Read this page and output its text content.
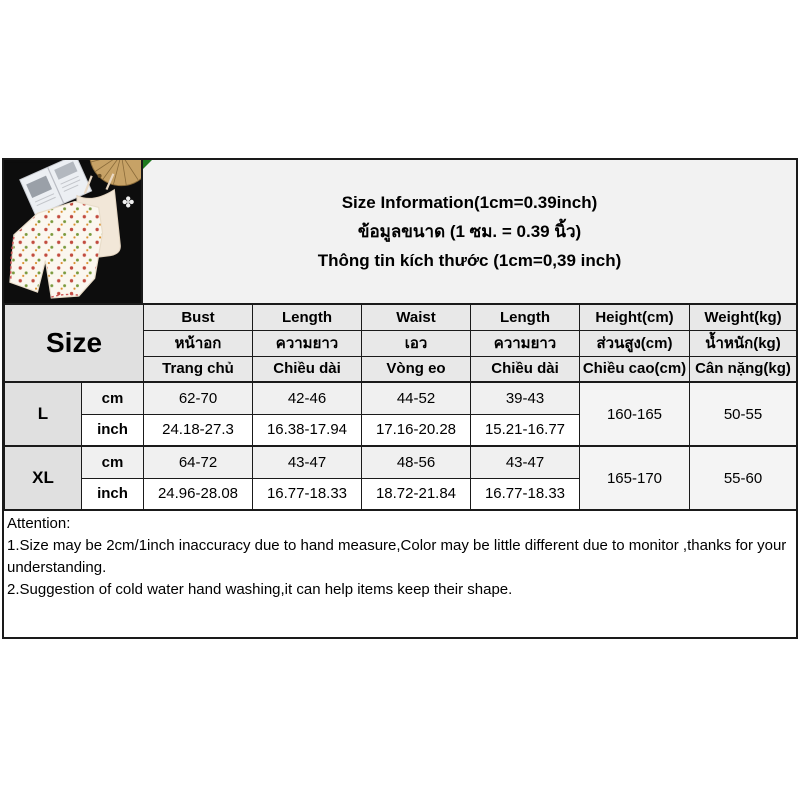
Size Information(1cm=0.39inch)
ข้อมูลขนาด (1 ซม. = 0.39 นิ้ว)
Thông tin kích thước (1cm=0,39 inch)
Size		Bust	Length	Waist	Length	Height(cm)	Weight(kg)
		หน้าอก	ความยาว	เอว	ความยาว	ส่วนสูง(cm)	น้ำหนัก(kg)
		Trang chủ	Chiều dài	Vòng eo	Chiều dài	Chiều cao(cm)	Cân nặng(kg)
L	cm	62-70	42-46	44-52	39-43	160-165	50-55
	inch	24.18-27.3	16.38-17.94	17.16-20.28	15.21-16.77		
XL	cm	64-72	43-47	48-56	43-47	165-170	55-60
	inch	24.96-28.08	16.77-18.33	18.72-21.84	16.77-18.33		
Attention:
1.Size may be 2cm/1inch inaccuracy due to hand measure,Color may be little different due to monitor ,thanks for your understanding.
2.Suggestion of cold water hand washing,it can help items keep their shape.
